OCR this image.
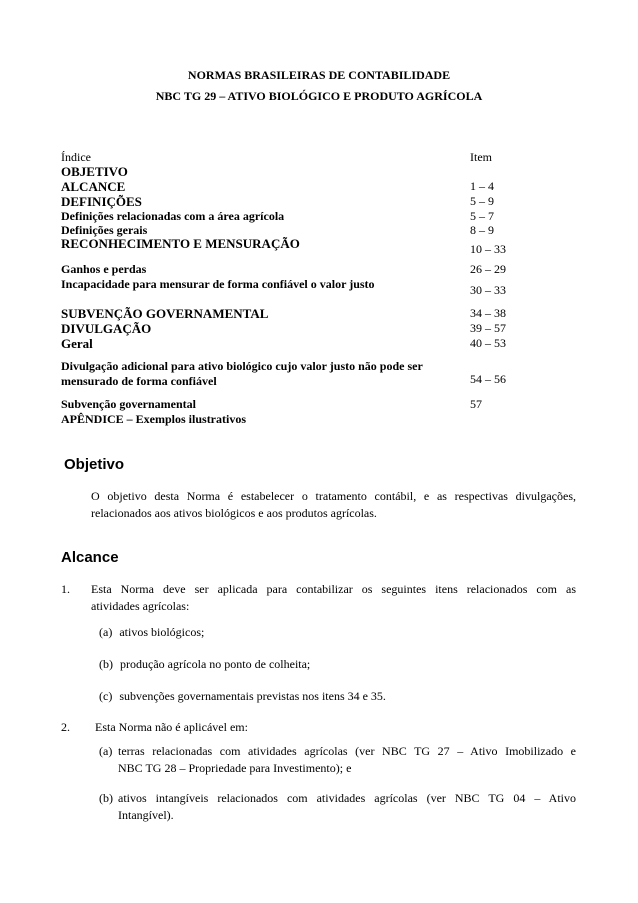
NORMAS BRASILEIRAS DE CONTABILIDADE
NBC TG 29 – ATIVO BIOLÓGICO E PRODUTO AGRÍCOLA
Índice	Item
OBJETIVO
ALCANCE	1 – 4
DEFINIÇÕES	5 – 9
Definições relacionadas com a área agrícola	5 – 7
Definições gerais	8 – 9
RECONHECIMENTO E MENSURAÇÃO	10 – 33
Ganhos e perdas	26 – 29
Incapacidade para mensurar de forma confiável o valor justo	30 – 33
SUBVENÇÃO GOVERNAMENTAL	34 – 38
DIVULGAÇÃO	39 – 57
Geral	40 – 53
Divulgação adicional para ativo biológico cujo valor justo não pode ser
mensurado de forma confiável	54 – 56
Subvenção governamental	57
APÊNDICE – Exemplos ilustrativos
Objetivo
O objetivo desta Norma é estabelecer o tratamento contábil, e as respectivas divulgações,
relacionados aos ativos biológicos e aos produtos agrícolas.
Alcance
1. Esta Norma deve ser aplicada para contabilizar os seguintes itens relacionados com as
atividades agrícolas:
(a) ativos biológicos;
(b) produção agrícola no ponto de colheita;
(c) subvenções governamentais previstas nos itens 34 e 35.
2. Esta Norma não é aplicável em:
(a) terras relacionadas com atividades agrícolas (ver NBC TG 27 – Ativo Imobilizado e
NBC TG 28 – Propriedade para Investimento); e
(b) ativos intangíveis relacionados com atividades agrícolas (ver NBC TG 04 – Ativo
Intangível).
